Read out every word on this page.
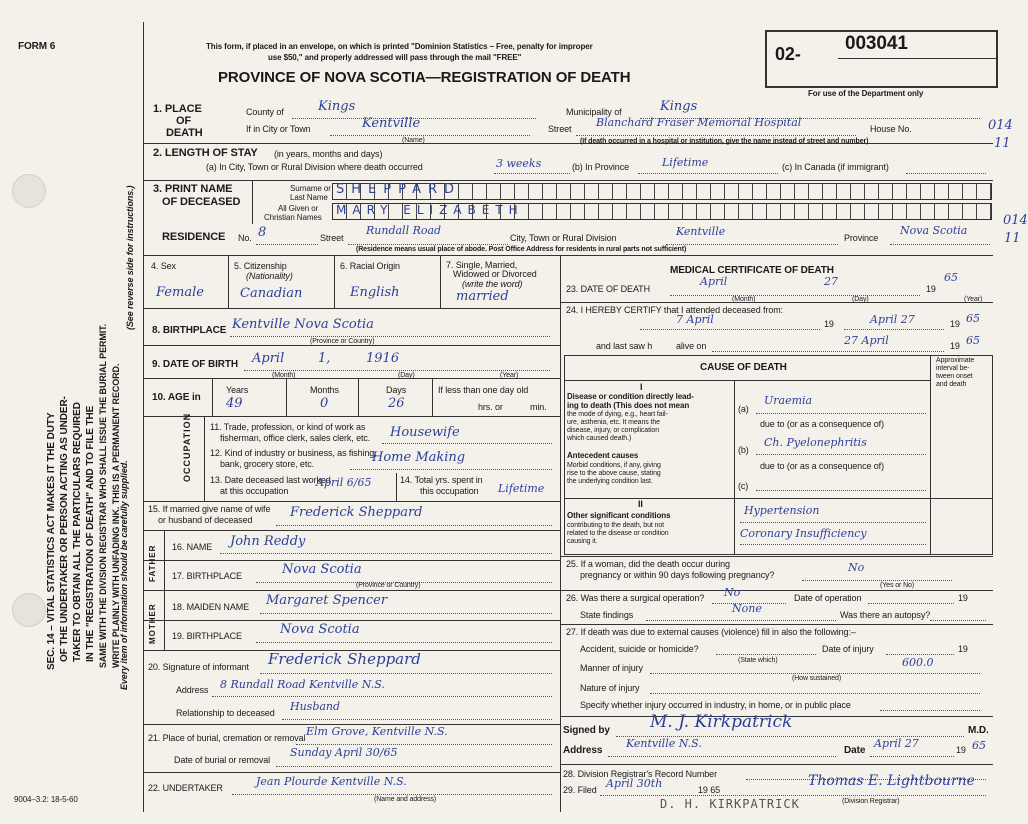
SEC. 14 – VITAL STATISTICS ACT MAKES IT THE DUTY OF THE UNDERTAKER OR PERSON ACTING AS UNDER- TAKER TO OBTAIN ALL THE PARTICULARS REQUIRED IN THE "REGISTRATION OF DEATH" AND TO FILE THE SAME WITH THE DIVISION REGISTRAR WHO SHALL ISSUE THE BURIAL PERMIT. WRITE PLAINLY WITH UNFADING INK. THIS IS A PERMANENT RECORD.
(See reverse side for instructions.)
Every item of information should be carefully supplied.
FORM 6	This form, if placed in an envelope, on which is printed "Dominion Statistics – Free, penalty for improper
use $50," and properly addressed will pass through the mail "FREE"
PROVINCE OF NOVA SCOTIA—REGISTRATION OF DEATH
02- 003041
For use of the Department only
014
11
014
11
1. PLACE
OF
DEATH
County of	Kings	Municipality of	Kings
If in City or Town	Kentville
(Name)
Street Blanchard Fraser Memorial Hospital	House No.
(If death occurred in a hospital or institution, give the name instead of street and number)
2. LENGTH OF STAY (in years, months and days)
(a) In City, Town or Rural Division where death occurred	3 weeks	(b) In Province	Lifetime	(c) In Canada (if immigrant)
3. PRINT NAME
OF DECEASED
Surname or
Last Name
All Given or
Christian Names
SHEPPARD
MARY ELIZABETH
RESIDENCE No. 8	Street
Rundall Road
City, Town or Rural Division	Kentville	Province
Nova Scotia
(Residence means usual place of abode. Post Office Address for residents in rural parts not sufficient)
4. Sex
Female
5. Citizenship
(Nationality)
Canadian
6. Racial Origin
English
7. Single, Married,
Widowed or Divorced
(write the word)
married
8. BIRTHPLACE Kentville Nova Scotia
(Province or Country)
9. DATE OF BIRTH April	1,	1916
(Month)	(Day)	(Year)
10. AGE in
Years	Months	Days
49	0	26
If less than one day old
hrs. or	min.
OCCUPATION 11. Trade, profession, or kind of work as
fisherman, office clerk, sales clerk, etc. Housewife
12. Kind of industry or business, as fishing,
bank, grocery store, etc.	Home Making
13. Date deceased last worked
at this occupation
April 6/65	14. Total yrs. spent in
this occupation Lifetime
15. If married give name of wife
or husband of deceased	Frederick Sheppard
FATHER 16. NAME John Reddy
17. BIRTHPLACE	Nova Scotia
(Province or Country)
MOTHER 18. MAIDEN NAME Margaret Spencer
19. BIRTHPLACE	Nova Scotia
20. Signature of informant Frederick Sheppard
Address 8 Rundall Road Kentville N.S.
Relationship to deceased Husband
21. Place of burial, cremation or removal Elm Grove, Kentville N.S.
Date of burial or removal
Sunday April 30/65
22. UNDERTAKER	Jean Plourde Kentville N.S.
(Name and address)
9004–3.2: 18-5-60
MEDICAL CERTIFICATE OF DEATH
23. DATE OF DEATH
April	27
19
65
(Month)	(Day)	(Year)
24. I HEREBY CERTIFY that I attended deceased from:
7 April	19	April 27	19 65
and last saw h	alive on	27 April	19 65
CAUSE OF DEATH
Approximate
interval be-
tween onset
and death
I
Disease or condition directly lead-
ing to death (This does not mean
the mode of dying, e.g., heart fail-
ure, asthenia, etc. It means the
disease, injury, or complication
which caused death.)
(a)
Uraemia
due to (or as a consequence of)
Antecedent causes
Morbid conditions, if any, giving
rise to the above cause, stating
the underlying condition last.
(b)
Ch. Pyelonephritis
due to (or as a consequence of)
(c)
II
Other significant conditions
contributing to the death, but not
related to the disease or condition
causing it.
Hypertension
Coronary Insufficiency
25. If a woman, did the death occur during
pregnancy or within 90 days following pregnancy?
No
(Yes or No)
26. Was there a surgical operation? No	Date of operation	19
State findings	None	Was there an autopsy?
27. If death was due to external causes (violence) fill in also the following:–
Accident, suicide or homicide?	Date of injury	19
(State which)
Manner of injury	600.0
(How sustained)
Nature of injury
Specify whether injury occurred in industry, in home, or in public place
Signed by M. J. Kirkpatrick	M.D.
Address
Kentville N.S.
Date
April 27	19 65
28. Division Registrar's Record Number
29. Filed April 30th	19 65
Thomas E. Lightbourne
D. H. KIRKPATRICK	(Division Registrar)
